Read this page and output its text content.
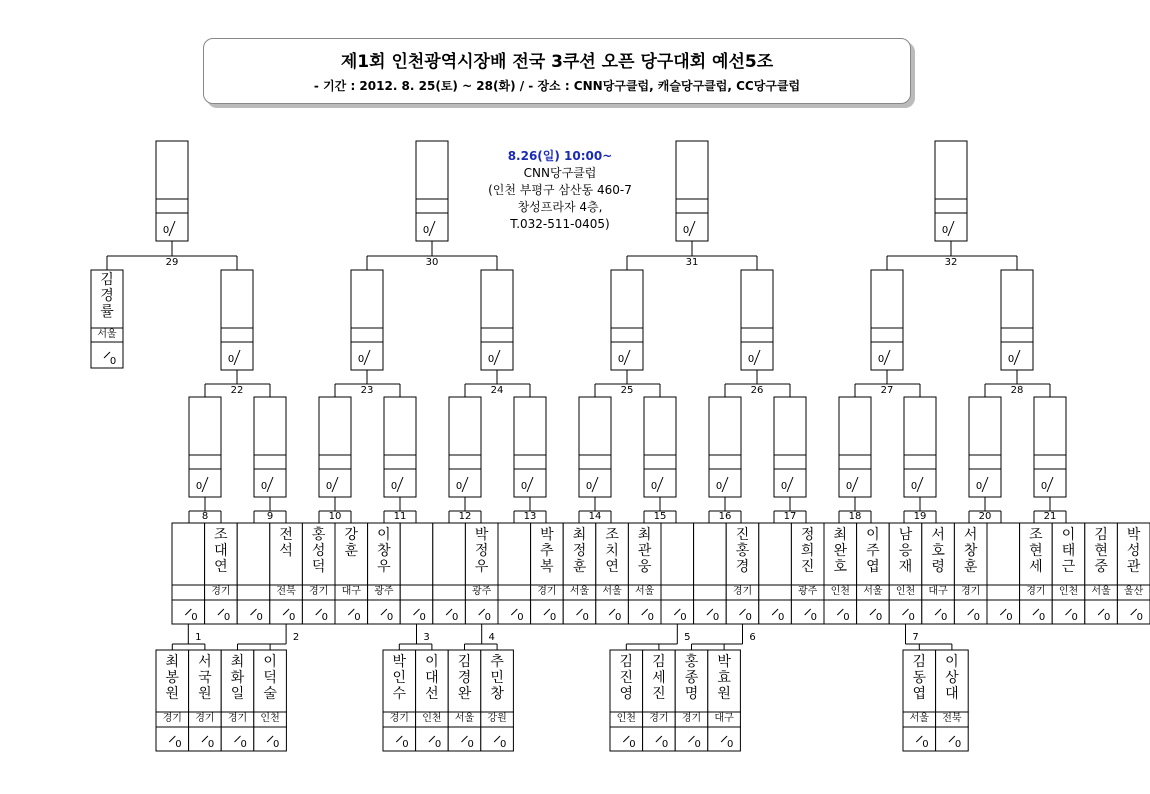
제1회 인천광역시장배 전국 3쿠션 오픈 당구대회 예선5조
- 기간 : 2012. 8. 25(토) ~ 28(화) / - 장소 : CNN당구클럽, 캐슬당구클럽, CC당구클럽
8.26(일) 10:00~
CNN당구클럽
(인천 부평구 삼산동 460-7
창성프라자 4층,
T.032-511-0405)
0	0
조
대
연
경기
0	0
전
석
전북
0
홍
성
덕
경기
0
강
훈
대구
0
이
창
우
광주
0	0	0
박
정
우
광주
0	0
박
추
복
경기
0
최
정
훈
서울
0
조
치
연
서울
0
최
관
웅
서울
0	0	0
진
홍
경
경기
0	0
정
희
진
광주
0
최
완
호
인천
0
이
주
엽
서울
0
남
응
재
인천
0
서
호
령
대구
0
서
창
훈
경기
0	0
조
현
세
경기
0
이
태
근
인천
0
김
현
중
서울
0
박
성
관
울산
0
최
봉
원
경기
0
서
국
원
경기
0
최
화
일
경기
0
이
덕
술
인천
1	2
0
박
인
수
경기
0
이
대
선
인천
0
김
경
완
서울
0
추
민
창
강원
3	4
0
김
진
영
인천
0
김
세
진
경기
0
홍
종
명
경기
0
박
효
원
대구
5	6
0
김
동
엽
서울
0
이
상
대
전북
7
0
8
0
9
0
10
0
11
0
12
0
13
0
14
0
15
0
16
0
17
0
18
0
19
0
20
0
21
0
22
0
23
0
24
0
25
0
26
0
27
0
28
0
김
경
률
서울
0
29
0
30
0
31
0
32
